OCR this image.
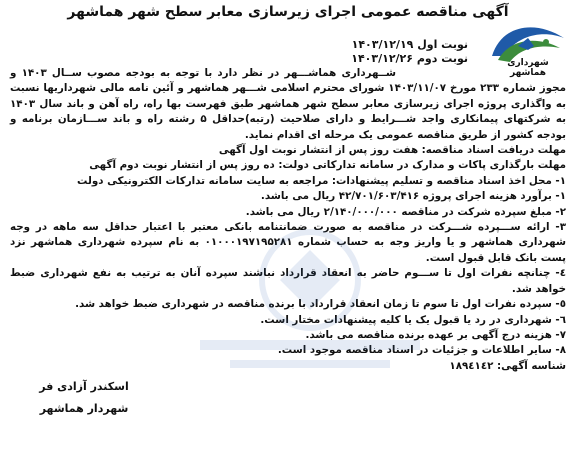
آگهی مناقصه عمومی اجرای زیرسازی معابر سطح شهر هماشهر
شهرداری هماشهر
نوبت اول ۱۴۰۳/۱۲/۱۹
نوبت دوم ۱۴۰۳/۱۲/۲۶

شــهرداری هماشـــهر در نظر دارد با توجه به بودجه مصوب ســال ۱۴۰۳ و مجوز شماره ۲۳۳ مورخ ۱۴۰۳/۱۱/۰۷ شورای محترم اسلامی شـــهر هماشهر و آئین نامه مالی شهرداریها نسبت به واگذاری پروژه اجرای زیرسازی معابر سطح شهر هماشهر طبق فهرست بها راه، راه آهن و باند سال ۱۴۰۳ به شرکتهای پیمانکاری واجد شـــرایط و دارای صلاحیت (رتبه)حداقل ۵ رشته راه و باند ســـازمان برنامه و بودجه کشور از طریق مناقصه عمومی یک مرحله ای اقدام نماید.

مهلت دریافت اسناد مناقصه: هفت روز پس از انتشار نوبت اول آگهی

مهلت بارگذاری پاکات و مدارک در سامانه تدارکاتی دولت: ده روز پس از انتشار نوبت دوم آگهی

۱- محل اخذ اسناد مناقصه و تسلیم پیشنهادات: مراجعه به سایت سامانه تدارکات الکترونیکی دولت

۱- برآورد هزینه اجرای پروژه ۴۲/۷۰۱/۶۰۳/۴۱۶ ریال می باشد.

۲- مبلغ سپرده شرکت در مناقصه ۲/۱۴۰/۰۰۰/۰۰۰ ریال می باشد.

۳- ارائه ســـپرده شـــرکت در مناقصه به صورت ضمانتنامه بانکی معتبر با اعتبار حداقل سه ماهه در وجه شهرداری هماشهر و یا واریز وجه به حساب شماره ۰۱۰۰۰۱۹۷۱۹۵۲۸۱ به نام سپرده شهرداری هماشهر نزد پست بانک قابل قبول است.

٤- چنانچه نفرات اول تا ســـوم حاضر به انعقاد قرارداد نباشند سپرده آنان به ترتیب به نفع شهرداری ضبط خواهد شد.

٥- سپرده نفرات اول تا سوم تا زمان انعقاد قرارداد با برنده مناقصه در شهرداری ضبط خواهد شد.

٦- شهرداری در رد یا قبول یک یا کلیه پیشنهادات مختار است.

۷- هزینه درج آگهی بر عهده برنده مناقصه می باشد.

۸- سایر اطلاعات و جزئیات در اسناد مناقصه موجود است.

شناسه آگهی: ۱۸۹٤۱٤۲

اسکندر آزادی فر
شهردار هماشهر
